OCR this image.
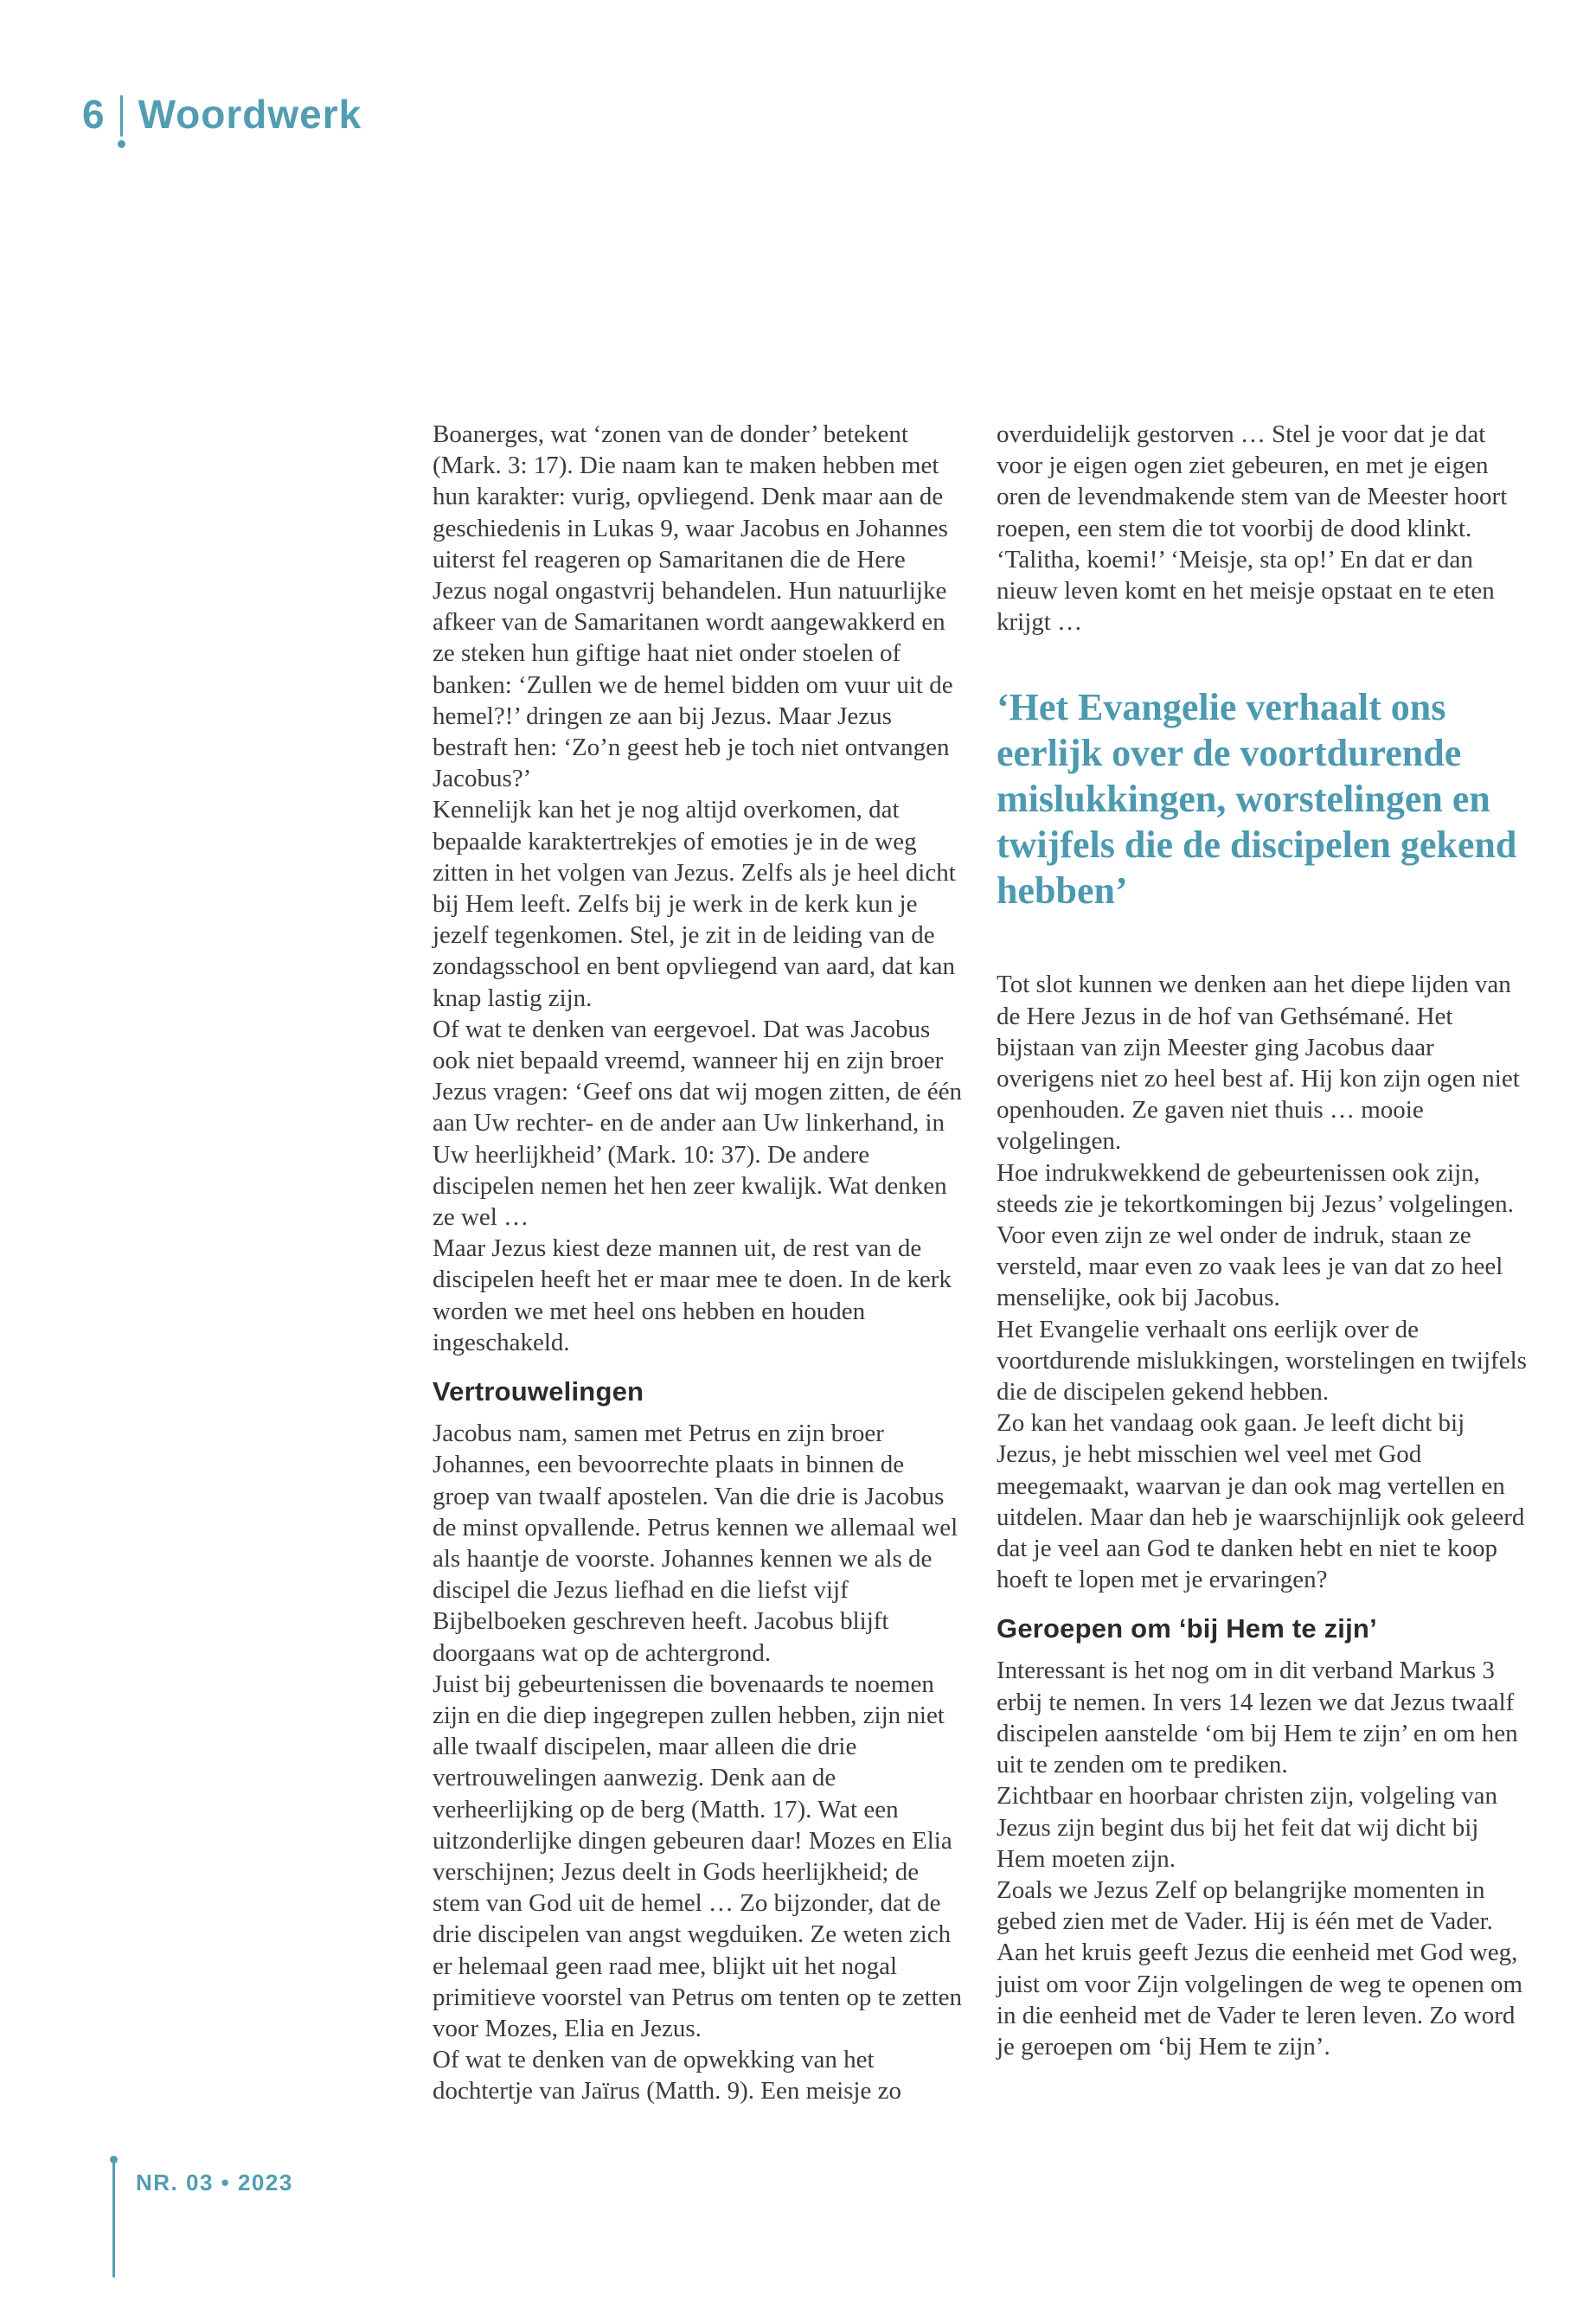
6 Woordwerk

Boanerges, wat ‘zonen van de donder’ betekent (Mark. 3: 17). Die naam kan te maken hebben met hun karakter: vurig, opvliegend. Denk maar aan de geschiedenis in Lukas 9, waar Jacobus en Johannes uiterst fel reageren op Samaritanen die de Here Jezus nogal ongastvrij behandelen. Hun natuurlijke afkeer van de Samaritanen wordt aangewakkerd en ze steken hun giftige haat niet onder stoelen of banken: ‘Zullen we de hemel bidden om vuur uit de hemel?!’ dringen ze aan bij Jezus. Maar Jezus bestraft hen: ‘Zo’n geest heb je toch niet ontvangen Jacobus?’

Kennelijk kan het je nog altijd overkomen, dat bepaalde karaktertrekjes of emoties je in de weg zitten in het volgen van Jezus. Zelfs als je heel dicht bij Hem leeft. Zelfs bij je werk in de kerk kun je jezelf tegenkomen. Stel, je zit in de leiding van de zondagsschool en bent opvliegend van aard, dat kan knap lastig zijn.

Of wat te denken van eergevoel. Dat was Jacobus ook niet bepaald vreemd, wanneer hij en zijn broer Jezus vragen: ‘Geef ons dat wij mogen zitten, de één aan Uw rechter- en de ander aan Uw linkerhand, in Uw heerlijkheid’ (Mark. 10: 37). De andere discipelen nemen het hen zeer kwalijk. Wat denken ze wel …

Maar Jezus kiest deze mannen uit, de rest van de discipelen heeft het er maar mee te doen. In de kerk worden we met heel ons hebben en houden ingeschakeld.

Vertrouwelingen

Jacobus nam, samen met Petrus en zijn broer Johannes, een bevoorrechte plaats in binnen de groep van twaalf apostelen. Van die drie is Jacobus de minst opvallende. Petrus kennen we allemaal wel als haantje de voorste. Johannes kennen we als de discipel die Jezus liefhad en die liefst vijf Bijbelboeken geschreven heeft. Jacobus blijft doorgaans wat op de achtergrond.

Juist bij gebeurtenissen die bovenaards te noemen zijn en die diep ingegrepen zullen hebben, zijn niet alle twaalf discipelen, maar alleen die drie vertrouwelingen aanwezig. Denk aan de verheerlijking op de berg (Matth. 17). Wat een uitzonderlijke dingen gebeuren daar! Mozes en Elia verschijnen; Jezus deelt in Gods heerlijkheid; de stem van God uit de hemel … Zo bijzonder, dat de drie discipelen van angst wegduiken. Ze weten zich er helemaal geen raad mee, blijkt uit het nogal primitieve voorstel van Petrus om tenten op te zetten voor Mozes, Elia en Jezus.

Of wat te denken van de opwekking van het dochtertje van Jaïrus (Matth. 9). Een meisje zo

overduidelijk gestorven … Stel je voor dat je dat voor je eigen ogen ziet gebeuren, en met je eigen oren de levendmakende stem van de Meester hoort roepen, een stem die tot voorbij de dood klinkt. ‘Talitha, koemi!’ ‘Meisje, sta op!’ En dat er dan nieuw leven komt en het meisje opstaat en te eten krijgt …

‘Het Evangelie verhaalt ons eerlijk over de voortdurende mislukkingen, worstelingen en twijfels die de discipelen gekend hebben’

Tot slot kunnen we denken aan het diepe lijden van de Here Jezus in de hof van Gethsémané. Het bijstaan van zijn Meester ging Jacobus daar overigens niet zo heel best af. Hij kon zijn ogen niet openhouden. Ze gaven niet thuis … mooie volgelingen.

Hoe indrukwekkend de gebeurtenissen ook zijn, steeds zie je tekortkomingen bij Jezus’ volgelingen. Voor even zijn ze wel onder de indruk, staan ze versteld, maar even zo vaak lees je van dat zo heel menselijke, ook bij Jacobus.

Het Evangelie verhaalt ons eerlijk over de voortdurende mislukkingen, worstelingen en twijfels die de discipelen gekend hebben.

Zo kan het vandaag ook gaan. Je leeft dicht bij Jezus, je hebt misschien wel veel met God meegemaakt, waarvan je dan ook mag vertellen en uitdelen. Maar dan heb je waarschijnlijk ook geleerd dat je veel aan God te danken hebt en niet te koop hoeft te lopen met je ervaringen?

Geroepen om ‘bij Hem te zijn’

Interessant is het nog om in dit verband Markus 3 erbij te nemen. In vers 14 lezen we dat Jezus twaalf discipelen aanstelde ‘om bij Hem te zijn’ en om hen uit te zenden om te prediken.

Zichtbaar en hoorbaar christen zijn, volgeling van Jezus zijn begint dus bij het feit dat wij dicht bij Hem moeten zijn.

Zoals we Jezus Zelf op belangrijke momenten in gebed zien met de Vader. Hij is één met de Vader.

Aan het kruis geeft Jezus die eenheid met God weg, juist om voor Zijn volgelingen de weg te openen om in die eenheid met de Vader te leren leven. Zo word je geroepen om ‘bij Hem te zijn’.

NR. 03 • 2023
